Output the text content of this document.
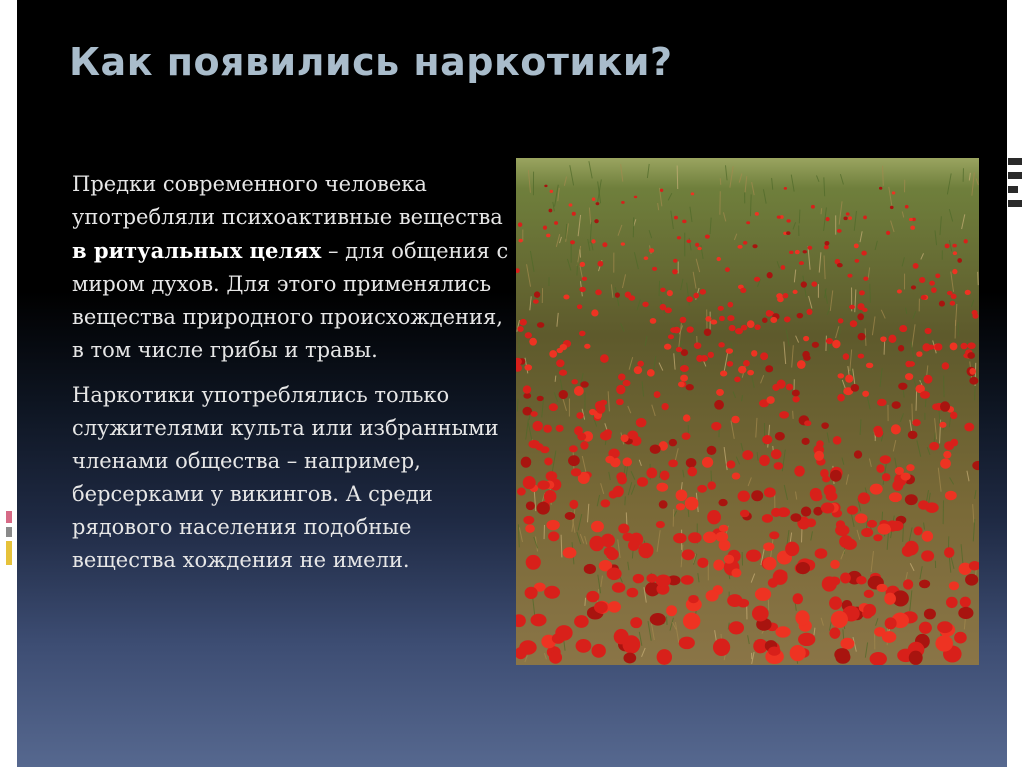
Как появились наркотики?

Предки современного человека употребляли психоактивные вещества в ритуальных целях – для общения с миром духов. Для этого применялись вещества природного происхождения, в том числе грибы и травы.

Наркотики употреблялись только служителями культа или избранными членами общества – например, берсерками у викингов. А среди рядового населения подобные вещества хождения не имели.
